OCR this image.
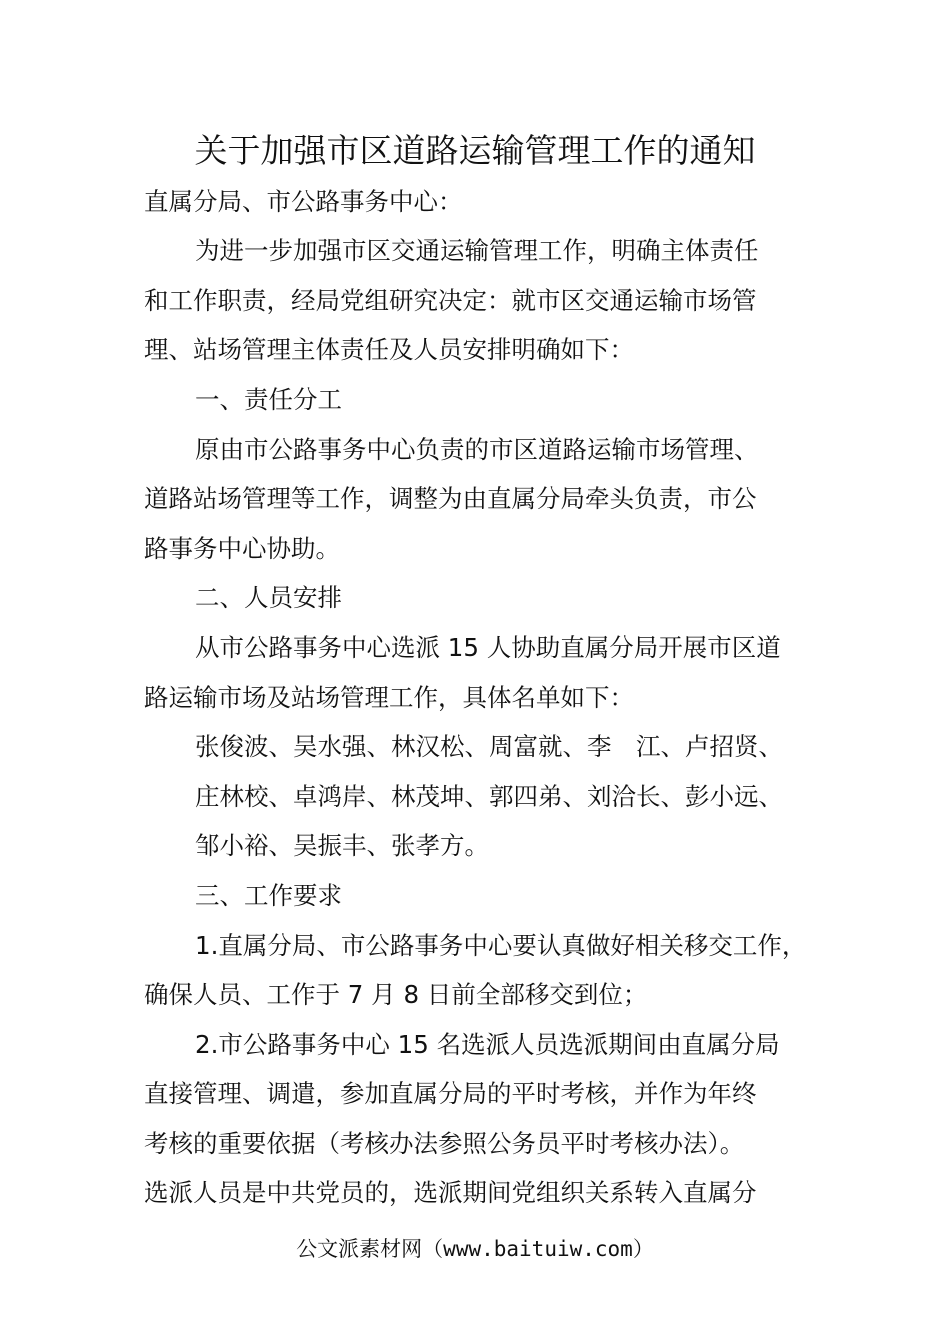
关于加强市区道路运输管理工作的通知

直属分局、市公路事务中心：

为进一步加强市区交通运输管理工作，明确主体责任

和工作职责，经局党组研究决定：就市区交通运输市场管

理、站场管理主体责任及人员安排明确如下：

一、责任分工

原由市公路事务中心负责的市区道路运输市场管理、

道路站场管理等工作，调整为由直属分局牵头负责，市公

路事务中心协助。

二、人员安排

从市公路事务中心选派 15 人协助直属分局开展市区道

路运输市场及站场管理工作，具体名单如下：

张俊波、吴水强、林汉松、周富就、李　江、卢招贤、

庄林校、卓鸿岸、林茂坤、郭四弟、刘洽长、彭小远、

邹小裕、吴振丰、张孝方。

三、工作要求

1.直属分局、市公路事务中心要认真做好相关移交工作，

确保人员、工作于 7 月 8 日前全部移交到位；

2.市公路事务中心 15 名选派人员选派期间由直属分局

直接管理、调遣，参加直属分局的平时考核，并作为年终

考核的重要依据（考核办法参照公务员平时考核办法）。

选派人员是中共党员的，选派期间党组织关系转入直属分

公文派素材网（www.baituiw.com）
